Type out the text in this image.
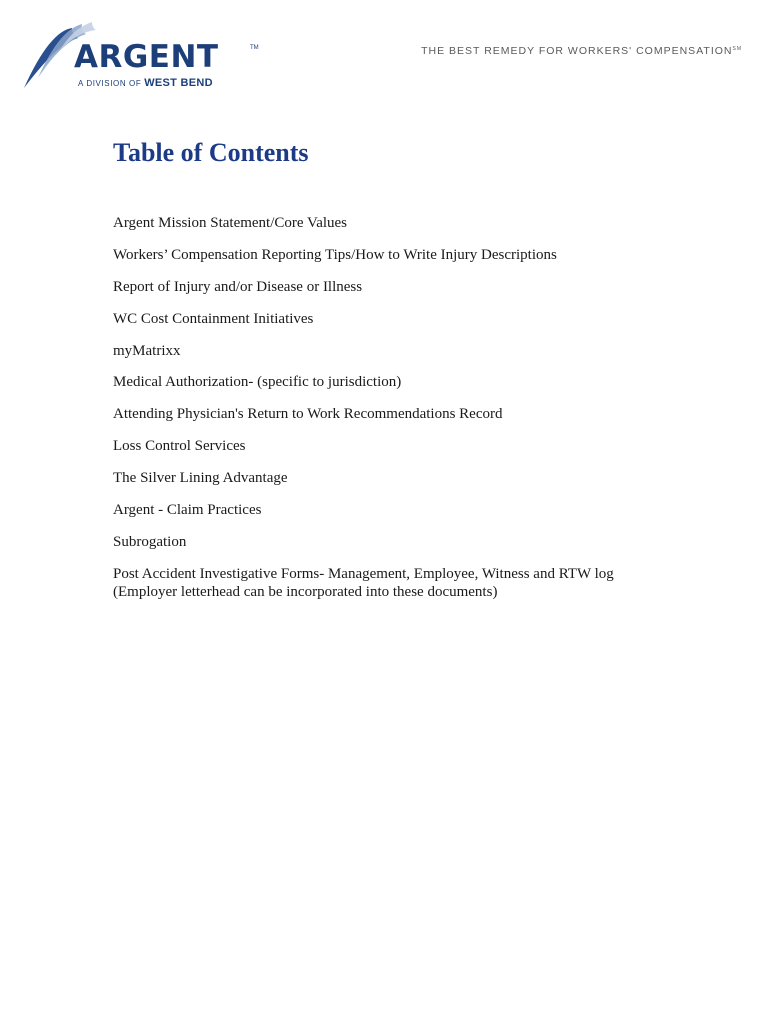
ARGENT	TM
A DIVISION OF WEST BEND
THE BEST REMEDY FOR WORKERS' COMPENSATION℠
Table of Contents
Argent Mission Statement/Core Values
Workers’ Compensation Reporting Tips/How to Write Injury Descriptions
Report of Injury and/or Disease or Illness
WC Cost Containment Initiatives
myMatrixx
Medical Authorization- (specific to jurisdiction)
Attending Physician's Return to Work Recommendations Record
Loss Control Services
The Silver Lining Advantage
Argent - Claim Practices
Subrogation
Post Accident Investigative Forms- Management, Employee, Witness and RTW log
(Employer letterhead can be incorporated into these documents)
